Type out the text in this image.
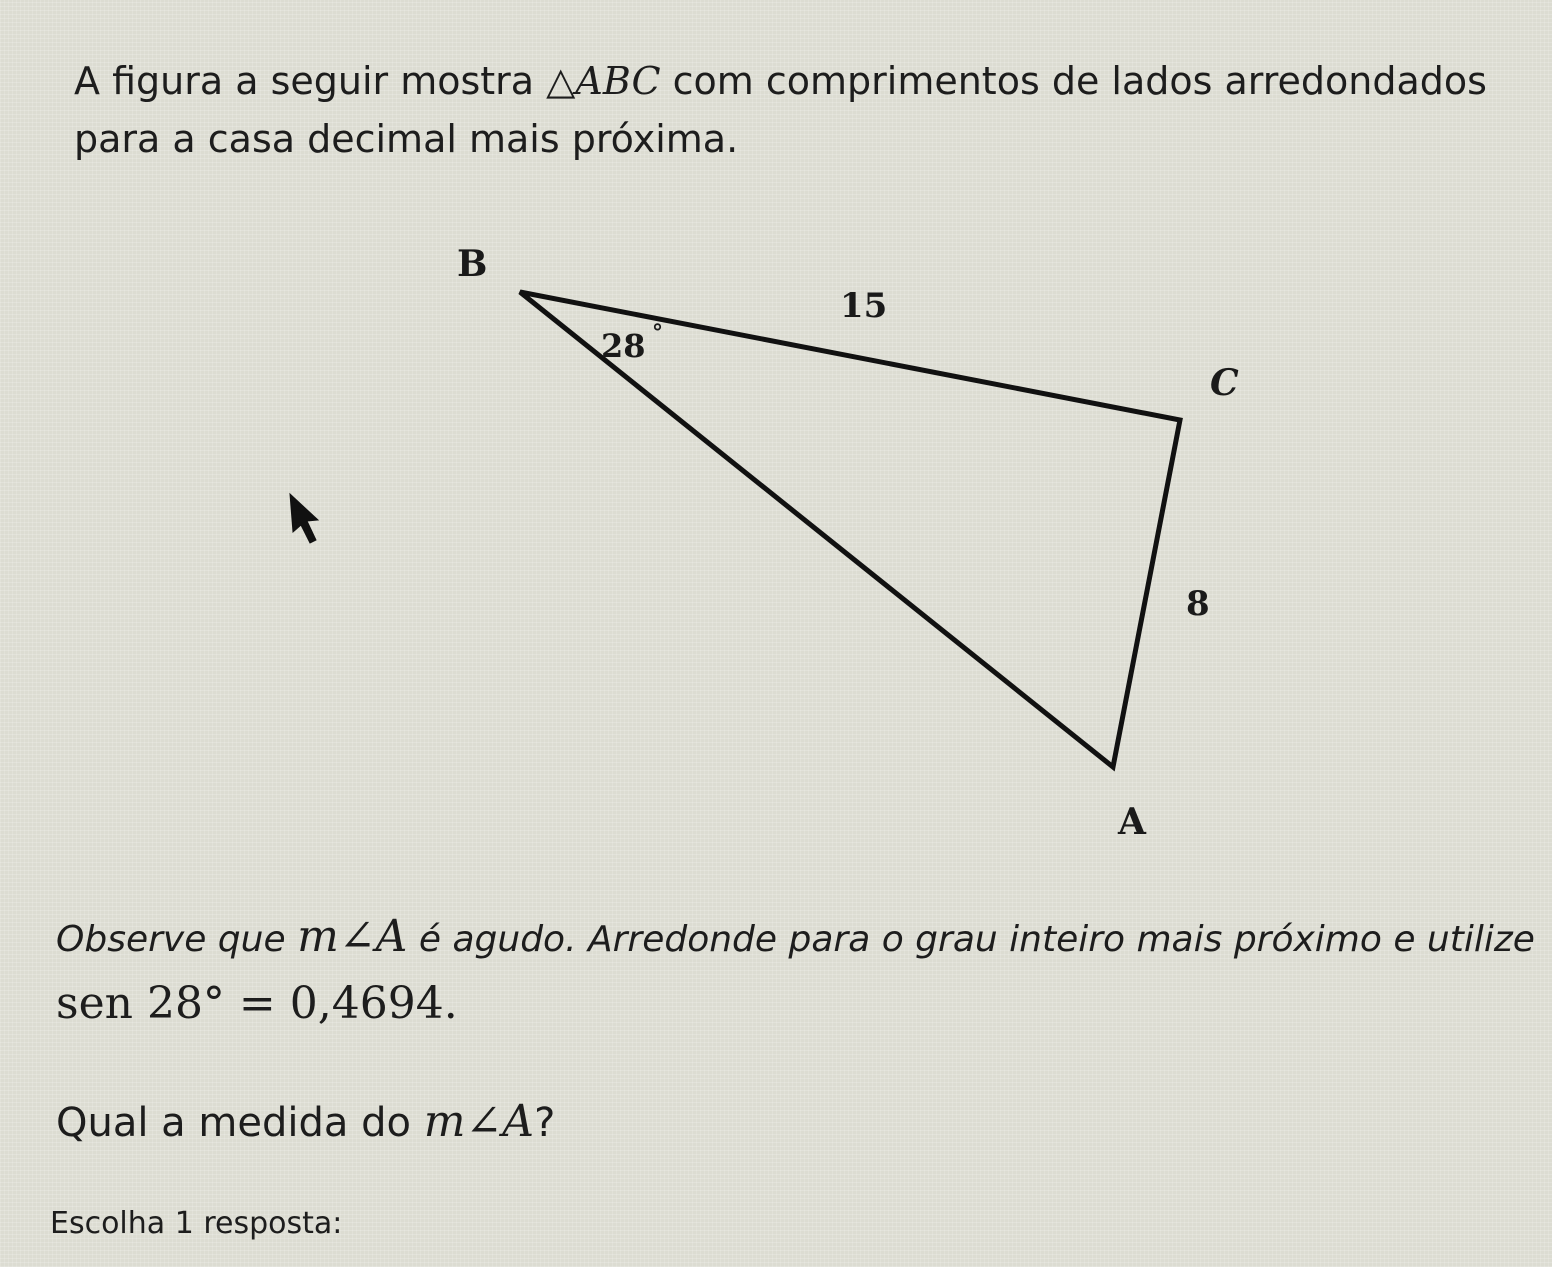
A figura a seguir mostra △ABC com comprimentos de lados arredondados para a casa decimal mais próxima.
B
C
A
15
8
28 °
Observe que m∠A é agudo. Arredonde para o grau inteiro mais próximo e utilize sen 28° = 0,4694.
Qual a medida do m∠A?
Escolha 1 resposta:
